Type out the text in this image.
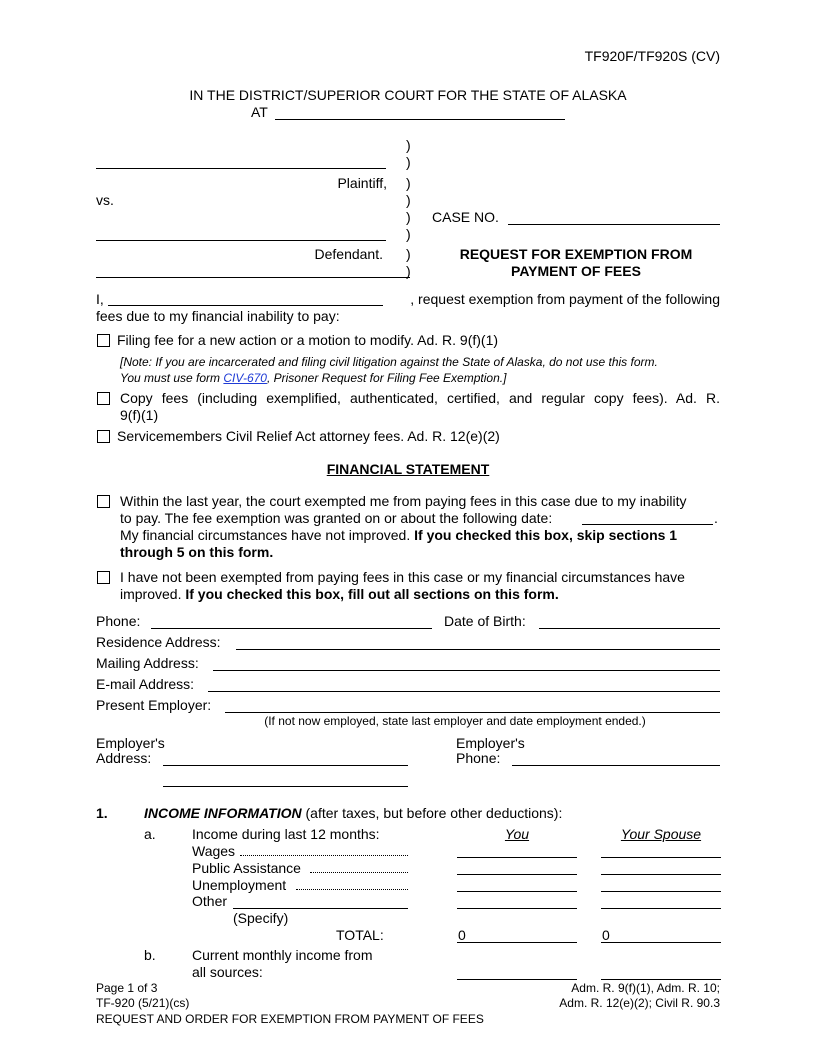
TF920F/TF920S (CV)
IN THE DISTRICT/SUPERIOR COURT FOR THE STATE OF ALASKA
AT
Plaintiff,
vs.
Defendant.
)
)
)
)
)
)
)
)
CASE NO.
REQUEST FOR EXEMPTION FROM
PAYMENT OF FEES
I,	, request exemption from payment of the following
fees due to my financial inability to pay:
Filing fee for a new action or a motion to modify. Ad. R. 9(f)(1)
[Note: If you are incarcerated and filing civil litigation against the State of Alaska, do not use this form.
You must use form CIV-670, Prisoner Request for Filing Fee Exemption.]
Copy fees (including exemplified, authenticated, certified, and regular copy fees). Ad. R.
9(f)(1)
Servicemembers Civil Relief Act attorney fees. Ad. R. 12(e)(2)
FINANCIAL STATEMENT
Within the last year, the court exempted me from paying fees in this case due to my inability
to pay. The fee exemption was granted on or about the following date:	.
My financial circumstances have not improved. If you checked this box, skip sections 1
through 5 on this form.
I have not been exempted from paying fees in this case or my financial circumstances have
improved. If you checked this box, fill out all sections on this form.
Phone:	Date of Birth:
Residence Address:
Mailing Address:
E-mail Address:
Present Employer:
(If not now employed, state last employer and date employment ended.)
Employer's
Address:
Employer's
Phone:
1.	INCOME INFORMATION (after taxes, but before other deductions):
a.	Income during last 12 months:	You	Your Spouse
Wages
Public Assistance
Unemployment
Other
(Specify)
TOTAL:	0	0
b.	Current monthly income from
all sources:
Page 1 of 3
TF-920 (5/21)(cs)
REQUEST AND ORDER FOR EXEMPTION FROM PAYMENT OF FEES
Adm. R. 9(f)(1), Adm. R. 10;
Adm. R. 12(e)(2); Civil R. 90.3
